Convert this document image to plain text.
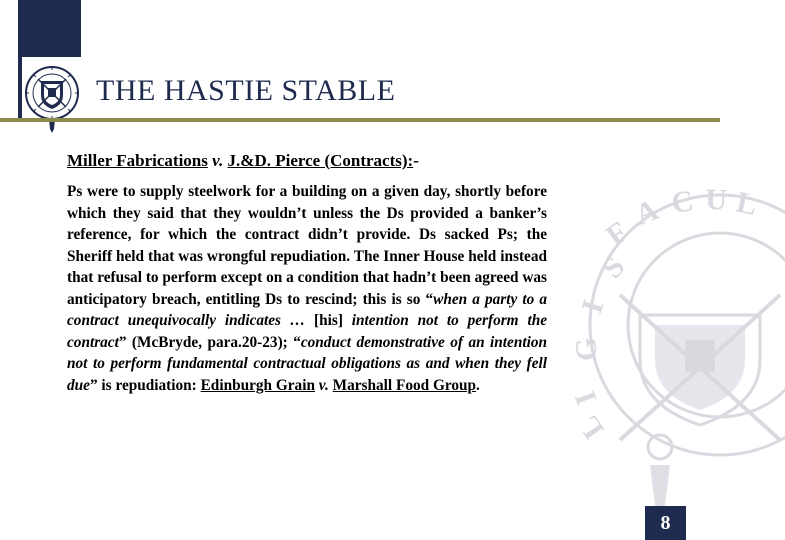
THE HASTIE STABLE
S
I
F
A C U L
G
I
L
Miller Fabrications v. J.&D. Pierce (Contracts):-

Ps were to supply steelwork for a building on a given day, shortly before which they said that they wouldn’t unless the Ds provided a banker’s reference, for which the contract didn’t provide. Ds sacked Ps; the Sheriff held that was wrongful repudiation. The Inner House held instead that refusal to perform except on a condition that hadn’t been agreed was anticipatory breach, entitling Ds to rescind; this is so “when a party to a contract unequivocally indicates … [his] intention not to perform the contract” (McBryde, para.20-23); “conduct demonstrative of an intention not to perform fundamental contractual obligations as and when they fell due” is repudiation: Edinburgh Grain v. Marshall Food Group.

8
